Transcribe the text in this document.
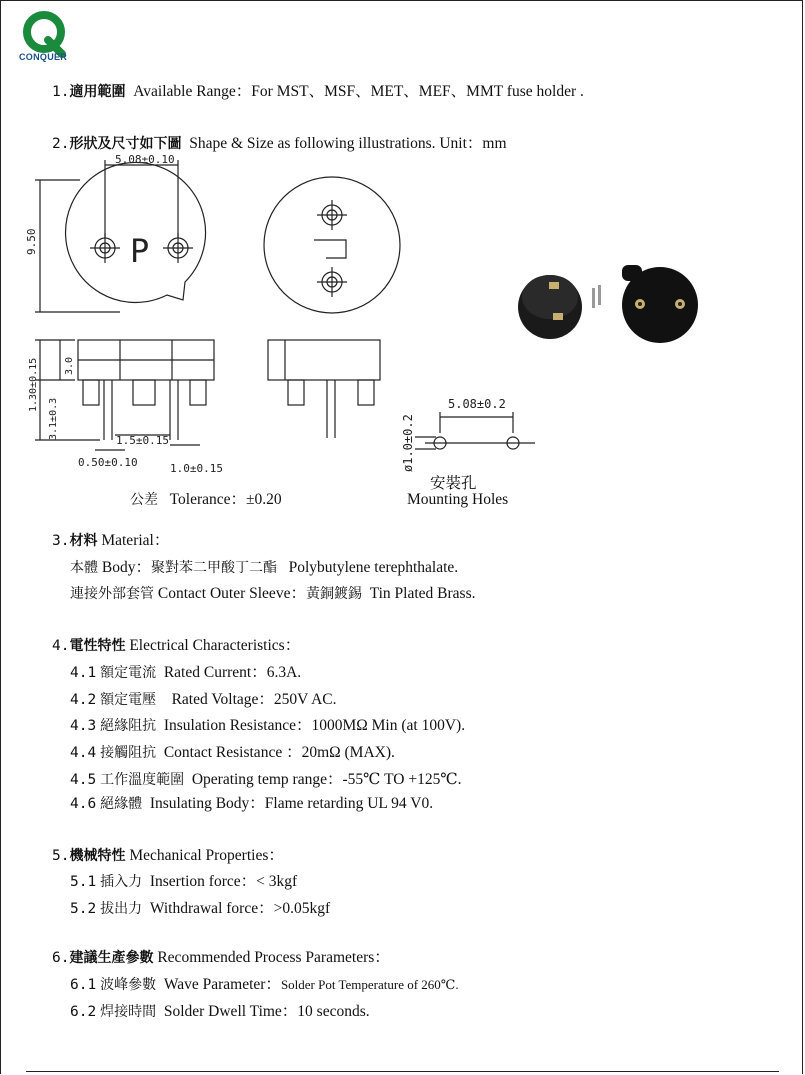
CONQUER
1.適用範圍 Available Range：For MST、MSF、MET、MEF、MMT fuse holder .
2.形狀及尺寸如下圖 Shape & Size as following illustrations. Unit：mm
5.08±0.10
9.50	P
3.0
1.30±0.15
3.1±0.3
1.5±0.15
0.50±0.10	1.0±0.15
5.08±0.2
ø1.0±0.2
安裝孔
Mounting Holes
公差 Tolerance：±0.20
3.材料 Material：
本體 Body：聚對苯二甲酸丁二酯 Polybutylene terephthalate.
連接外部套管 Contact Outer Sleeve：黃銅鍍錫 Tin Plated Brass.
4.電性特性 Electrical Characteristics：
4.1 額定電流 Rated Current：6.3A.
4.2 額定電壓 Rated Voltage：250V AC.
4.3 絕緣阻抗 Insulation Resistance：1000MΩ Min (at 100V).
4.4 接觸阻抗 Contact Resistance ：20mΩ (MAX).
4.5 工作溫度範圍 Operating temp range：-55℃ TO +125℃.
4.6 絕緣體 Insulating Body：Flame retarding UL 94 V0.
5.機械特性 Mechanical Properties：
5.1 插入力 Insertion force：< 3kgf
5.2 拔出力 Withdrawal force：>0.05kgf
6.建議生產參數 Recommended Process Parameters：
6.1 波峰參數 Wave Parameter：Solder Pot Temperature of 260℃.
6.2 焊接時間 Solder Dwell Time：10 seconds.
